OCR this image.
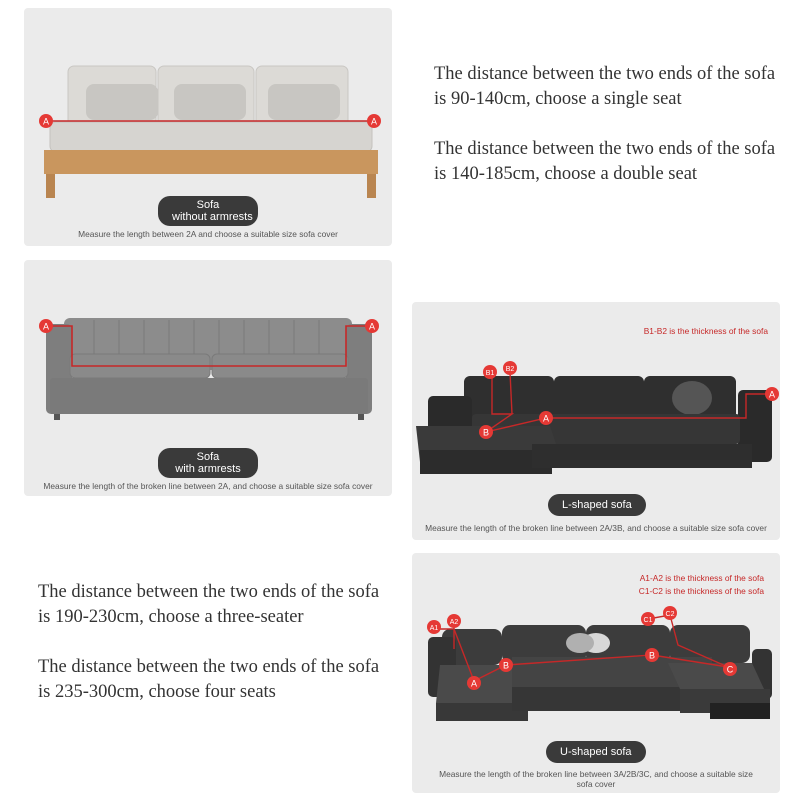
A	A
Sofa
without armrests
Measure the length between 2A and choose a suitable size sofa cover
A	A
Sofa
with armrests
Measure the length of the broken line between 2A, and choose a suitable size sofa cover

The distance between the two ends of the sofa is 90-140cm, choose a single seat

The distance between the two ends of the sofa is 140-185cm, choose a double seat

B1-B2 is the thickness of the sofa
B1
B2
B
A
A
L-shaped sofa
Measure the length of the broken line between 2A/3B, and choose a suitable size sofa cover

The distance between the two ends of the sofa is 190-230cm, choose a three-seater

The distance between the two ends of the sofa is 235-300cm, choose four seats

A1-A2 is the thickness of the sofa
C1-C2 is the thickness of the sofa
A1
A2
A
B
B
C1
C2
C
U-shaped sofa
Measure the length of the broken line between 3A/2B/3C, and choose a suitable size
sofa cover
